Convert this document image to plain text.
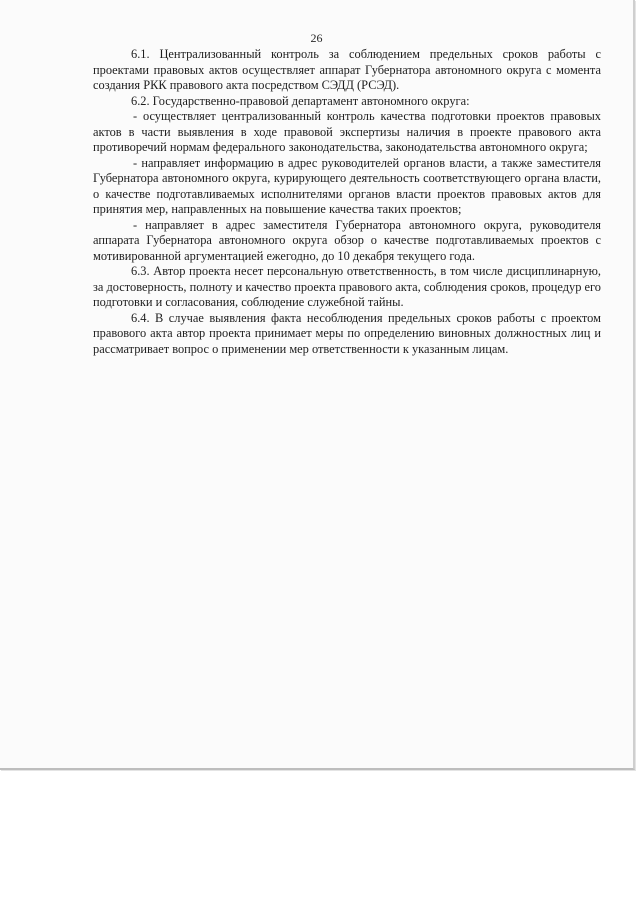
26

6.1. Централизованный контроль за соблюдением предельных сроков работы с проектами правовых актов осуществляет аппарат Губернатора автономного округа с момента создания РКК правового акта посредством СЭДД (РСЭД).

6.2. Государственно-правовой департамент автономного округа:

- осуществляет централизованный контроль качества подготовки проектов правовых актов в части выявления в ходе правовой экспертизы наличия в проекте правового акта противоречий нормам федерального законодательства, законодательства автономного округа;

- направляет информацию в адрес руководителей органов власти, а также заместителя Губернатора автономного округа, курирующего деятельность соответствующего органа власти, о качестве подготавливаемых исполнителями органов власти проектов правовых актов для принятия мер, направленных на повышение качества таких проектов;

- направляет в адрес заместителя Губернатора автономного округа, руководителя аппарата Губернатора автономного округа обзор о качестве подготавливаемых проектов с мотивированной аргументацией ежегодно, до 10 декабря текущего года.

6.3. Автор проекта несет персональную ответственность, в том числе дисциплинарную, за достоверность, полноту и качество проекта правового акта, соблюдения сроков, процедур его подготовки и согласования, соблюдение служебной тайны.

6.4. В случае выявления факта несоблюдения предельных сроков работы с проектом правового акта автор проекта принимает меры по определению виновных должностных лиц и рассматривает вопрос о применении мер ответственности к указанным лицам.
